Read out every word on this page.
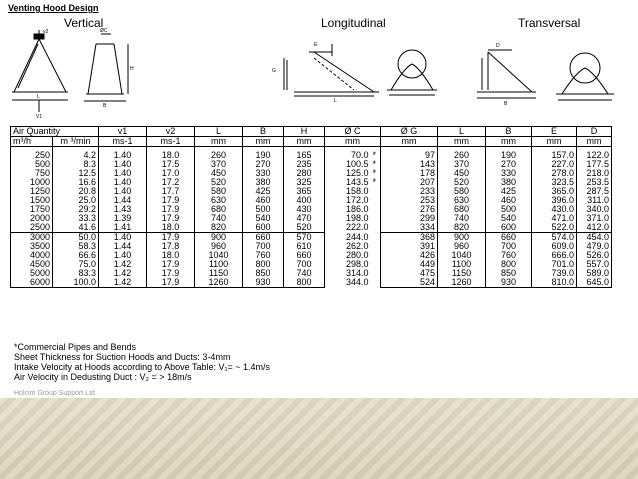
Venting Hood Design
Vertical	Longitudinal	Transversal
v2	ØC
H
L
B
V1
G
E
L
D
B
Air Quantity		v1	v2	L	B	H	Ø C		Ø G	L	B	E	D
m³/h	m ³/min	ms-1	ms-1	mm	mm	mm	mm		mm	mm	mm	mm	mm

250	4.2	1.40	18.0	260	190	165	70.0	*	97	260	190	157.0	122.0
500	8.3	1.40	17.5	370	270	235	100.5	*	143	370	270	227.0	177.5
750	12.5	1.40	17.0	450	330	280	125.0	*	178	450	330	278.0	218.0
1000	16.6	1.40	17.2	520	380	325	143.5	*	207	520	380	323.5	253.5
1250	20.8	1.40	17.7	580	425	365	158.0		233	580	425	365.0	287.5
1500	25.0	1.44	17.9	630	460	400	172.0		253	630	460	396.0	311.0
1750	29.2	1.43	17.9	680	500	430	186.0		276	680	500	430.0	340.0
2000	33.3	1.39	17.9	740	540	470	198.0		299	740	540	471.0	371.0
2500	41.6	1.41	18.0	820	600	520	222.0		334	820	600	522.0	412.0
3000	50.0	1.40	17.9	900	660	570	244.0		368	900	660	574.0	454.0
3500	58.3	1.44	17.8	960	700	610	262.0		391	960	700	609.0	479.0
4000	66.6	1.40	18.0	1040	760	660	280.0		426	1040	760	666.0	526.0
4500	75.0	1.42	17.9	1100	800	700	298.0		449	1100	800	701.0	557.0
5000	83.3	1.42	17.9	1150	850	740	314.0		475	1150	850	739.0	589.0
6000	100.0	1.42	17.9	1260	930	800	344.0		524	1260	930	810.0	645.0
*Commercial Pipes and Bends
Sheet Thickness for Suction Hoods and Ducts: 3-4mm
Intake Velocity at Hoods according to Above Table: V₁= ~ 1.4m/s
Air Velocity in Dedusting Duct : V₂ = > 18m/s
Holcim Group Support Ltd
